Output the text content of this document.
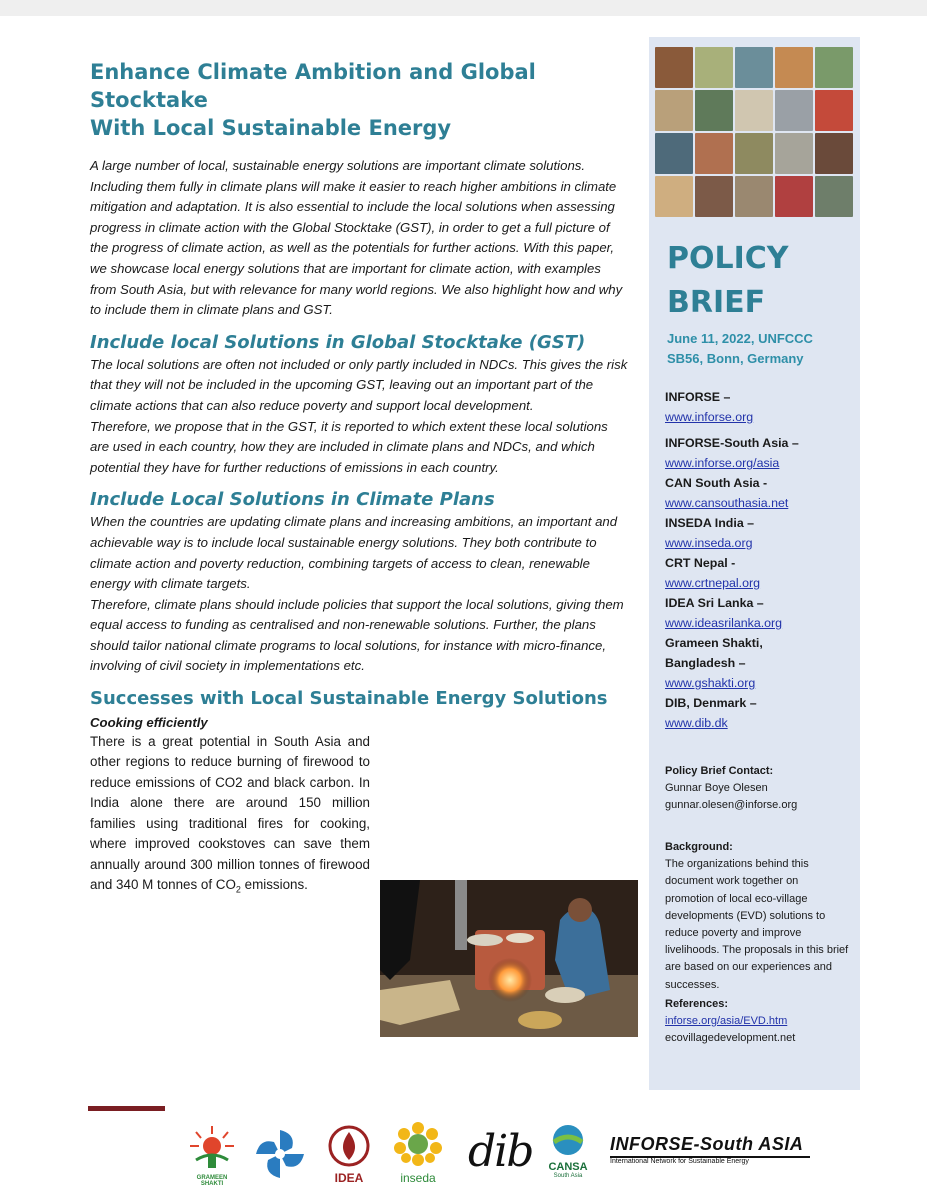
Enhance Climate Ambition and Global Stocktake
With Local Sustainable Energy

A large number of local, sustainable energy solutions are important climate solutions. Including them fully in climate plans will make it easier to reach higher ambitions in climate mitigation and adaptation. It is also essential to include the local solutions when assessing progress in climate action with the Global Stocktake (GST), in order to get a full picture of the progress of climate action, as well as the potentials for further actions. With this paper, we showcase local energy solutions that are important for climate action, with examples from South Asia, but with relevance for many world regions. We also highlight how and why to include them in climate plans and GST.

Include local Solutions in Global Stocktake (GST)

The local solutions are often not included or only partly included in NDCs. This gives the risk that they will not be included in the upcoming GST, leaving out an important part of the climate actions that can also reduce poverty and support local development.

Therefore, we propose that in the GST, it is reported to which extent these local solutions are used in each country, how they are included in climate plans and NDCs, and which potential they have for further reductions of emissions in each country.

Include Local Solutions in Climate Plans

When the countries are updating climate plans and increasing ambitions, an important and achievable way is to include local sustainable energy solutions. They both contribute to climate action and poverty reduction, combining targets of access to clean, renewable energy with climate targets.

Therefore, climate plans should include policies that support the local solutions, giving them equal access to funding as centralised and non-renewable solutions. Further, the plans should tailor national climate programs to local solutions, for instance with micro-finance, involving of civil society in implementations etc.

Successes with Local Sustainable Energy Solutions
Cooking efficiently
There is a great potential in South Asia and other regions to reduce burning of firewood to reduce emissions of CO2 and black carbon. In India alone there are around 150 million families using traditional fires for cooking, where improved cookstoves can save them annually around 300 million tonnes of firewood and 340 M tonnes of $CO_2$ emissions.
POLICY
BRIEF
June 11, 2022, UNFCCC
SB56, Bonn, Germany
INFORSE –
www.inforse.org
INFORSE-South Asia –
www.inforse.org/asia
CAN South Asia -
www.cansouthasia.net
INSEDA India –
www.inseda.org
CRT Nepal -
www.crtnepal.org
IDEA Sri Lanka –
www.ideasrilanka.org
Grameen Shakti,
Bangladesh –
www.gshakti.org
DIB, Denmark –
www.dib.dk
Policy Brief Contact:
Gunnar Boye Olesen
gunnar.olesen@inforse.org
Background:
The organizations behind this document work together on promotion of local eco-village developments (EVD) solutions to reduce poverty and improve livelihoods. The proposals in this brief are based on our experiences and successes.
References:
inforse.org/asia/EVD.htm
ecovillagedevelopment.net
GRAMEEN SHAKTI	IDEA	inseda
dib CANSA
South Asia
INFORSE-South ASIA
International Network for Sustainable Energy
